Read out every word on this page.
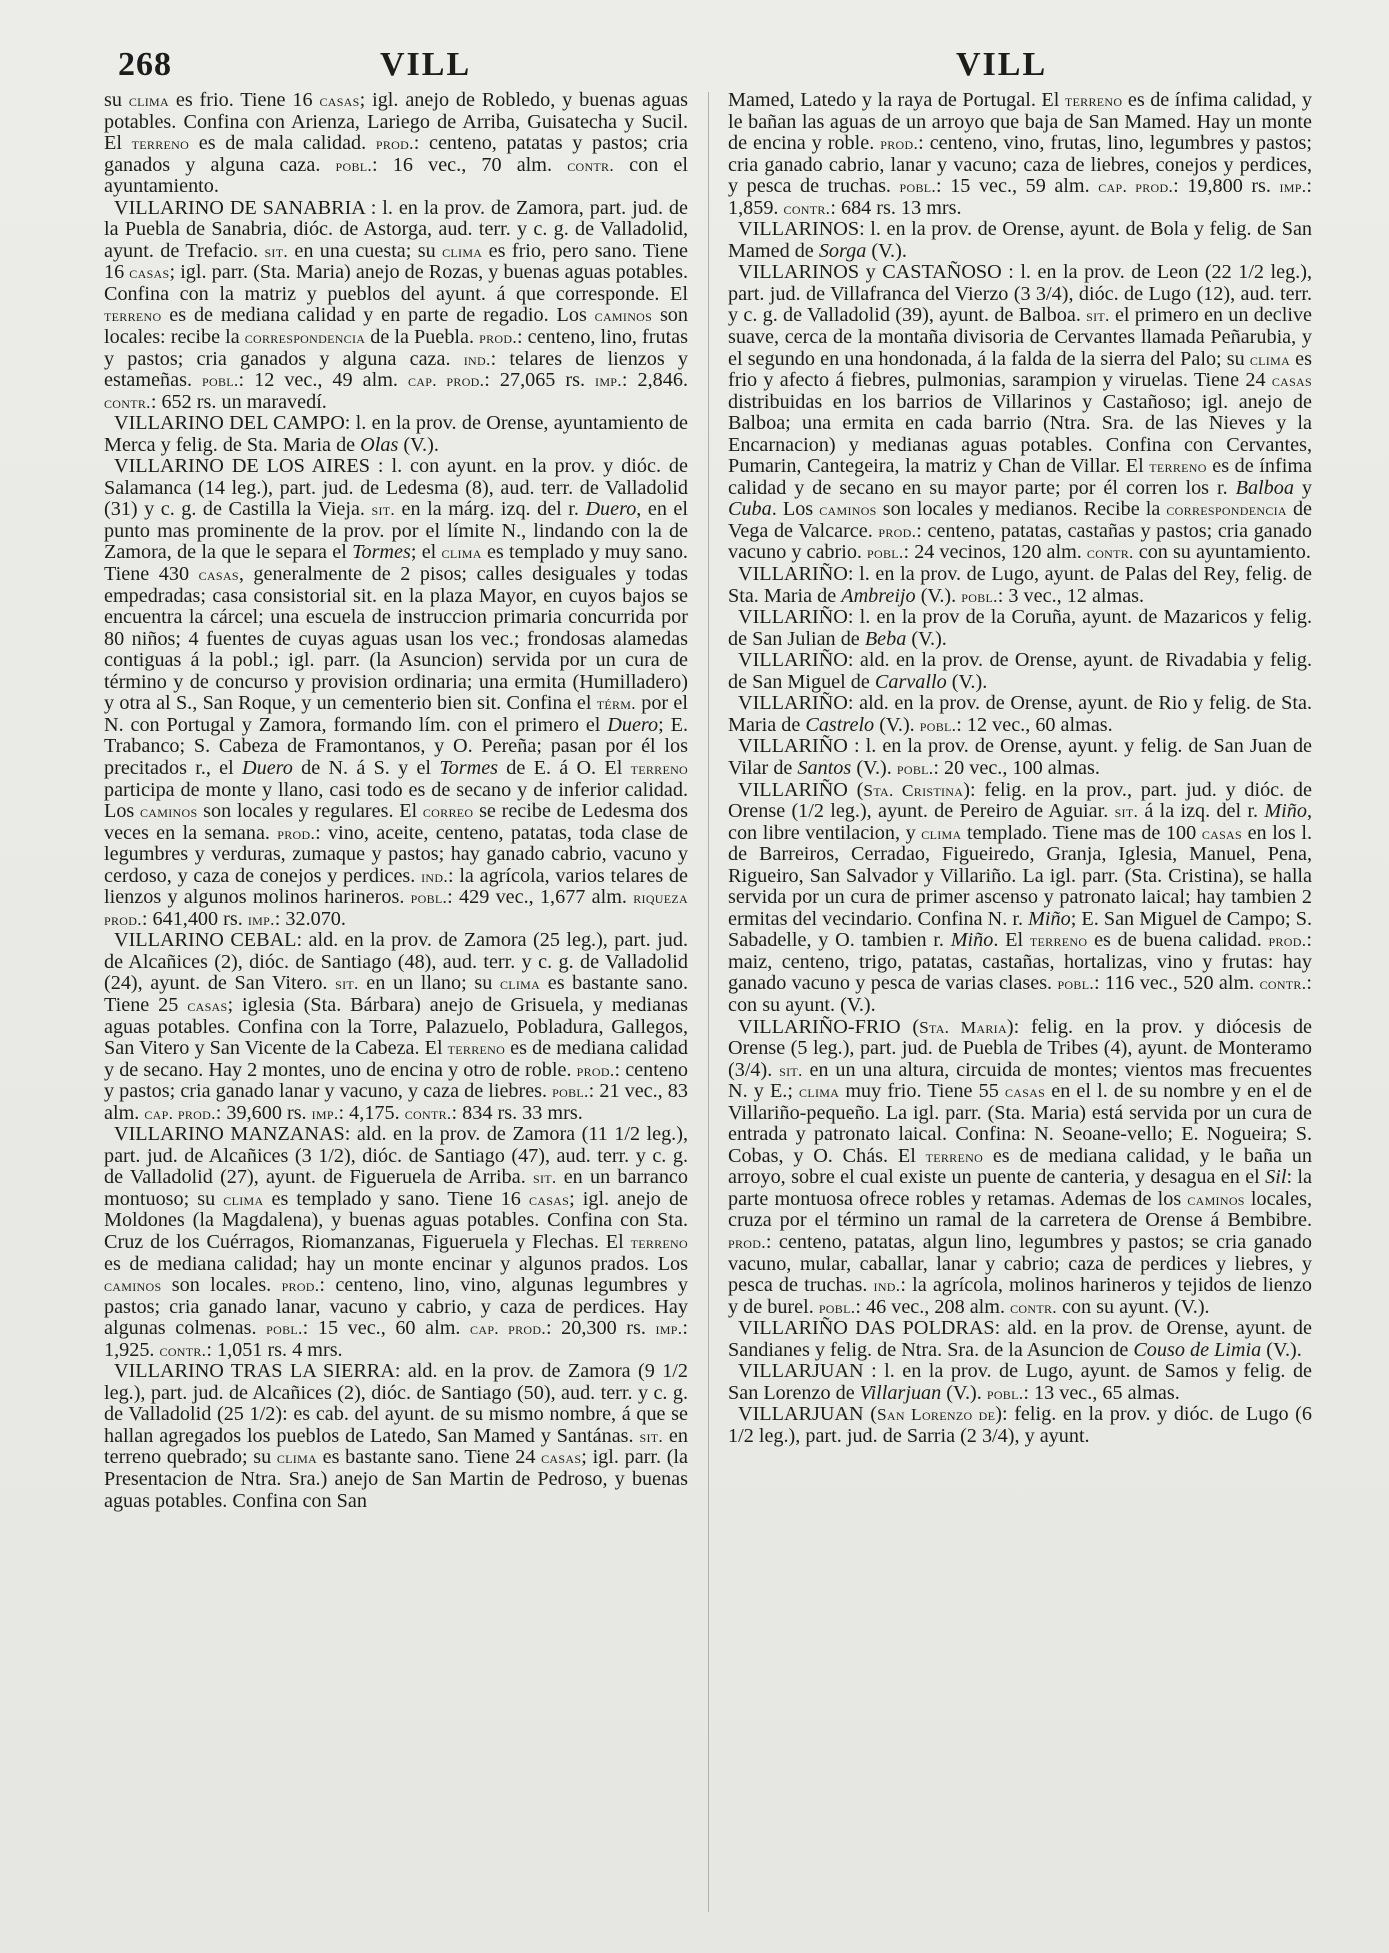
268	VILL	VILL

su clima es frio. Tiene 16 casas; igl. anejo de Robledo, y buenas aguas potables. Confina con Arienza, Lariego de Arriba, Guisatecha y Sucil. El terreno es de mala calidad. prod.: centeno, patatas y pastos; cria ganados y alguna caza. pobl.: 16 vec., 70 alm. contr. con el ayuntamiento.

VILLARINO DE SANABRIA : l. en la prov. de Zamora, part. jud. de la Puebla de Sanabria, dióc. de Astorga, aud. terr. y c. g. de Valladolid, ayunt. de Trefacio. sit. en una cuesta; su clima es frio, pero sano. Tiene 16 casas; igl. parr. (Sta. Maria) anejo de Rozas, y buenas aguas potables. Confina con la matriz y pueblos del ayunt. á que corresponde. El terreno es de mediana calidad y en parte de regadio. Los caminos son locales: recibe la correspondencia de la Puebla. prod.: centeno, lino, frutas y pastos; cria ganados y alguna caza. ind.: telares de lienzos y estameñas. pobl.: 12 vec., 49 alm. cap. prod.: 27,065 rs. imp.: 2,846. contr.: 652 rs. un maravedí.

VILLARINO DEL CAMPO: l. en la prov. de Orense, ayuntamiento de Merca y felig. de Sta. Maria de Olas (V.).

VILLARINO DE LOS AIRES : l. con ayunt. en la prov. y dióc. de Salamanca (14 leg.), part. jud. de Ledesma (8), aud. terr. de Valladolid (31) y c. g. de Castilla la Vieja. sit. en la márg. izq. del r. Duero, en el punto mas prominente de la prov. por el límite N., lindando con la de Zamora, de la que le separa el Tormes; el clima es templado y muy sano. Tiene 430 casas, generalmente de 2 pisos; calles desiguales y todas empedradas; casa consistorial sit. en la plaza Mayor, en cuyos bajos se encuentra la cárcel; una escuela de instruccion primaria concurrida por 80 niños; 4 fuentes de cuyas aguas usan los vec.; frondosas alamedas contiguas á la pobl.; igl. parr. (la Asuncion) servida por un cura de término y de concurso y provision ordinaria; una ermita (Humilladero) y otra al S., San Roque, y un cementerio bien sit. Confina el térm. por el N. con Portugal y Zamora, formando lím. con el primero el Duero; E. Trabanco; S. Cabeza de Framontanos, y O. Pereña; pasan por él los precitados r., el Duero de N. á S. y el Tormes de E. á O. El terreno participa de monte y llano, casi todo es de secano y de inferior calidad. Los caminos son locales y regulares. El correo se recibe de Ledesma dos veces en la semana. prod.: vino, aceite, centeno, patatas, toda clase de legumbres y verduras, zumaque y pastos; hay ganado cabrio, vacuno y cerdoso, y caza de conejos y perdices. ind.: la agrícola, varios telares de lienzos y algunos molinos harineros. pobl.: 429 vec., 1,677 alm. riqueza prod.: 641,400 rs. imp.: 32.070.

VILLARINO CEBAL: ald. en la prov. de Zamora (25 leg.), part. jud. de Alcañices (2), dióc. de Santiago (48), aud. terr. y c. g. de Valladolid (24), ayunt. de San Vitero. sit. en un llano; su clima es bastante sano. Tiene 25 casas; iglesia (Sta. Bárbara) anejo de Grisuela, y medianas aguas potables. Confina con la Torre, Palazuelo, Pobladura, Gallegos, San Vitero y San Vicente de la Cabeza. El terreno es de mediana calidad y de secano. Hay 2 montes, uno de encina y otro de roble. prod.: centeno y pastos; cria ganado lanar y vacuno, y caza de liebres. pobl.: 21 vec., 83 alm. cap. prod.: 39,600 rs. imp.: 4,175. contr.: 834 rs. 33 mrs.

VILLARINO MANZANAS: ald. en la prov. de Zamora (11 1/2 leg.), part. jud. de Alcañices (3 1/2), dióc. de Santiago (47), aud. terr. y c. g. de Valladolid (27), ayunt. de Figueruela de Arriba. sit. en un barranco montuoso; su clima es templado y sano. Tiene 16 casas; igl. anejo de Moldones (la Magdalena), y buenas aguas potables. Confina con Sta. Cruz de los Cuérragos, Riomanzanas, Figueruela y Flechas. El terreno es de mediana calidad; hay un monte encinar y algunos prados. Los caminos son locales. prod.: centeno, lino, vino, algunas legumbres y pastos; cria ganado lanar, vacuno y cabrio, y caza de perdices. Hay algunas colmenas. pobl.: 15 vec., 60 alm. cap. prod.: 20,300 rs. imp.: 1,925. contr.: 1,051 rs. 4 mrs.

VILLARINO TRAS LA SIERRA: ald. en la prov. de Zamora (9 1/2 leg.), part. jud. de Alcañices (2), dióc. de Santiago (50), aud. terr. y c. g. de Valladolid (25 1/2): es cab. del ayunt. de su mismo nombre, á que se hallan agregados los pueblos de Latedo, San Mamed y Santánas. sit. en terreno quebrado; su clima es bastante sano. Tiene 24 casas; igl. parr. (la Presentacion de Ntra. Sra.) anejo de San Martin de Pedroso, y buenas aguas potables. Confina con San

Mamed, Latedo y la raya de Portugal. El terreno es de ínfima calidad, y le bañan las aguas de un arroyo que baja de San Mamed. Hay un monte de encina y roble. prod.: centeno, vino, frutas, lino, legumbres y pastos; cria ganado cabrio, lanar y vacuno; caza de liebres, conejos y perdices, y pesca de truchas. pobl.: 15 vec., 59 alm. cap. prod.: 19,800 rs. imp.: 1,859. contr.: 684 rs. 13 mrs.

VILLARINOS: l. en la prov. de Orense, ayunt. de Bola y felig. de San Mamed de Sorga (V.).

VILLARINOS y CASTAÑOSO : l. en la prov. de Leon (22 1/2 leg.), part. jud. de Villafranca del Vierzo (3 3/4), dióc. de Lugo (12), aud. terr. y c. g. de Valladolid (39), ayunt. de Balboa. sit. el primero en un declive suave, cerca de la montaña divisoria de Cervantes llamada Peñarubia, y el segundo en una hondonada, á la falda de la sierra del Palo; su clima es frio y afecto á fiebres, pulmonias, sarampion y viruelas. Tiene 24 casas distribuidas en los barrios de Villarinos y Castañoso; igl. anejo de Balboa; una ermita en cada barrio (Ntra. Sra. de las Nieves y la Encarnacion) y medianas aguas potables. Confina con Cervantes, Pumarin, Cantegeira, la matriz y Chan de Villar. El terreno es de ínfima calidad y de secano en su mayor parte; por él corren los r. Balboa y Cuba. Los caminos son locales y medianos. Recibe la correspondencia de Vega de Valcarce. prod.: centeno, patatas, castañas y pastos; cria ganado vacuno y cabrio. pobl.: 24 vecinos, 120 alm. contr. con su ayuntamiento.

VILLARIÑO: l. en la prov. de Lugo, ayunt. de Palas del Rey, felig. de Sta. Maria de Ambreijo (V.). pobl.: 3 vec., 12 almas.

VILLARIÑO: l. en la prov de la Coruña, ayunt. de Mazaricos y felig. de San Julian de Beba (V.).

VILLARIÑO: ald. en la prov. de Orense, ayunt. de Rivadabia y felig. de San Miguel de Carvallo (V.).

VILLARIÑO: ald. en la prov. de Orense, ayunt. de Rio y felig. de Sta. Maria de Castrelo (V.). pobl.: 12 vec., 60 almas.

VILLARIÑO : l. en la prov. de Orense, ayunt. y felig. de San Juan de Vilar de Santos (V.). pobl.: 20 vec., 100 almas.

VILLARIÑO (Sta. Cristina): felig. en la prov., part. jud. y dióc. de Orense (1/2 leg.), ayunt. de Pereiro de Aguiar. sit. á la izq. del r. Miño, con libre ventilacion, y clima templado. Tiene mas de 100 casas en los l. de Barreiros, Cerradao, Figueiredo, Granja, Iglesia, Manuel, Pena, Rigueiro, San Salvador y Villariño. La igl. parr. (Sta. Cristina), se halla servida por un cura de primer ascenso y patronato laical; hay tambien 2 ermitas del vecindario. Confina N. r. Miño; E. San Miguel de Campo; S. Sabadelle, y O. tambien r. Miño. El terreno es de buena calidad. prod.: maiz, centeno, trigo, patatas, castañas, hortalizas, vino y frutas: hay ganado vacuno y pesca de varias clases. pobl.: 116 vec., 520 alm. contr.: con su ayunt. (V.).

VILLARIÑO-FRIO (Sta. Maria): felig. en la prov. y diócesis de Orense (5 leg.), part. jud. de Puebla de Tribes (4), ayunt. de Monteramo (3/4). sit. en un una altura, circuida de montes; vientos mas frecuentes N. y E.; clima muy frio. Tiene 55 casas en el l. de su nombre y en el de Villariño-pequeño. La igl. parr. (Sta. Maria) está servida por un cura de entrada y patronato laical. Confina: N. Seoane-vello; E. Nogueira; S. Cobas, y O. Chás. El terreno es de mediana calidad, y le baña un arroyo, sobre el cual existe un puente de canteria, y desagua en el Sil: la parte montuosa ofrece robles y retamas. Ademas de los caminos locales, cruza por el término un ramal de la carretera de Orense á Bembibre. prod.: centeno, patatas, algun lino, legumbres y pastos; se cria ganado vacuno, mular, caballar, lanar y cabrio; caza de perdices y liebres, y pesca de truchas. ind.: la agrícola, molinos harineros y tejidos de lienzo y de burel. pobl.: 46 vec., 208 alm. contr. con su ayunt. (V.).

VILLARIÑO DAS POLDRAS: ald. en la prov. de Orense, ayunt. de Sandianes y felig. de Ntra. Sra. de la Asuncion de Couso de Limia (V.).

VILLARJUAN : l. en la prov. de Lugo, ayunt. de Samos y felig. de San Lorenzo de Villarjuan (V.). pobl.: 13 vec., 65 almas.

VILLARJUAN (San Lorenzo de): felig. en la prov. y dióc. de Lugo (6 1/2 leg.), part. jud. de Sarria (2 3/4), y ayunt.
